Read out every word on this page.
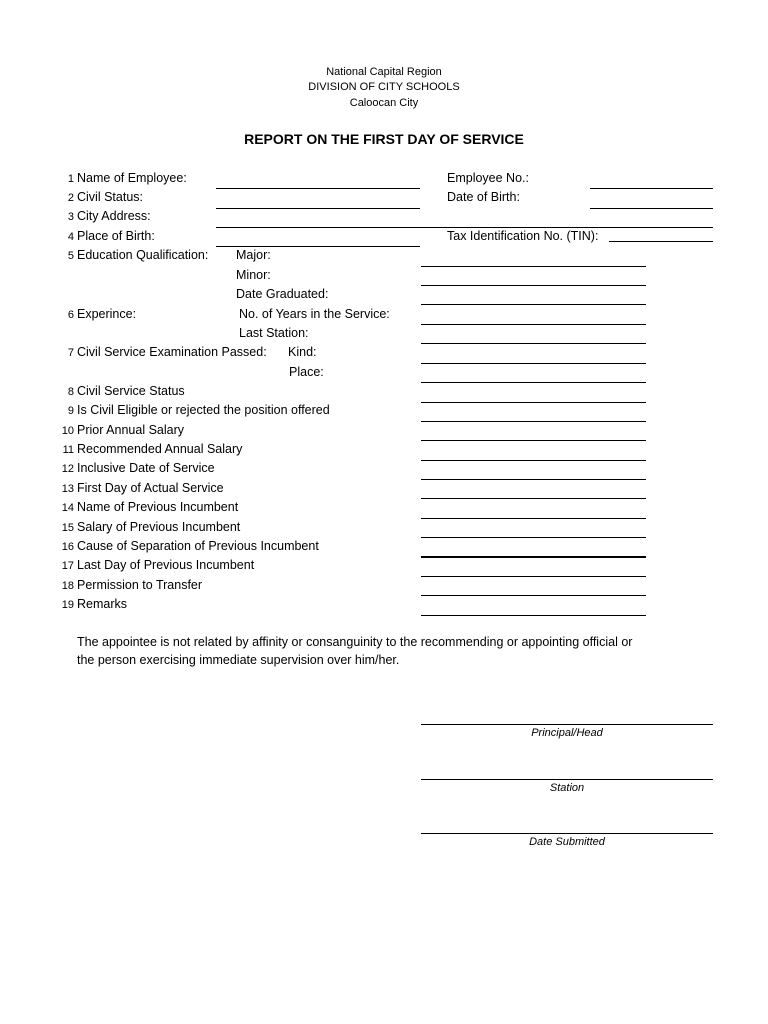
National Capital Region
DIVISION OF CITY SCHOOLS
Caloocan City
REPORT ON THE FIRST DAY OF SERVICE
1 Name of Employee:
2 Civil Status:
3 City Address:
4 Place of Birth:
5 Education Qualification:
6 Experince:
7 Civil Service Examination Passed:
8 Civil Service Status
9 Is Civil Eligible or rejected the position offered
10 Prior Annual Salary
11 Recommended Annual Salary
12 Inclusive Date of Service
13 First Day of Actual Service
14 Name of Previous Incumbent
15 Salary of Previous Incumbent
16 Cause of Separation of Previous Incumbent
17 Last Day of Previous Incumbent
18 Permission to Transfer
19 Remarks
Major:
Minor:
Date Graduated:
No. of Years in the Service:
Last Station:
Kind:
Place:
Employee No.:
Date of Birth:
Tax Identification No. (TIN):
The appointee is not related by affinity or consanguinity to the recommending or appointing official or the person exercising immediate supervision over him/her.
Principal/Head
Station
Date Submitted
